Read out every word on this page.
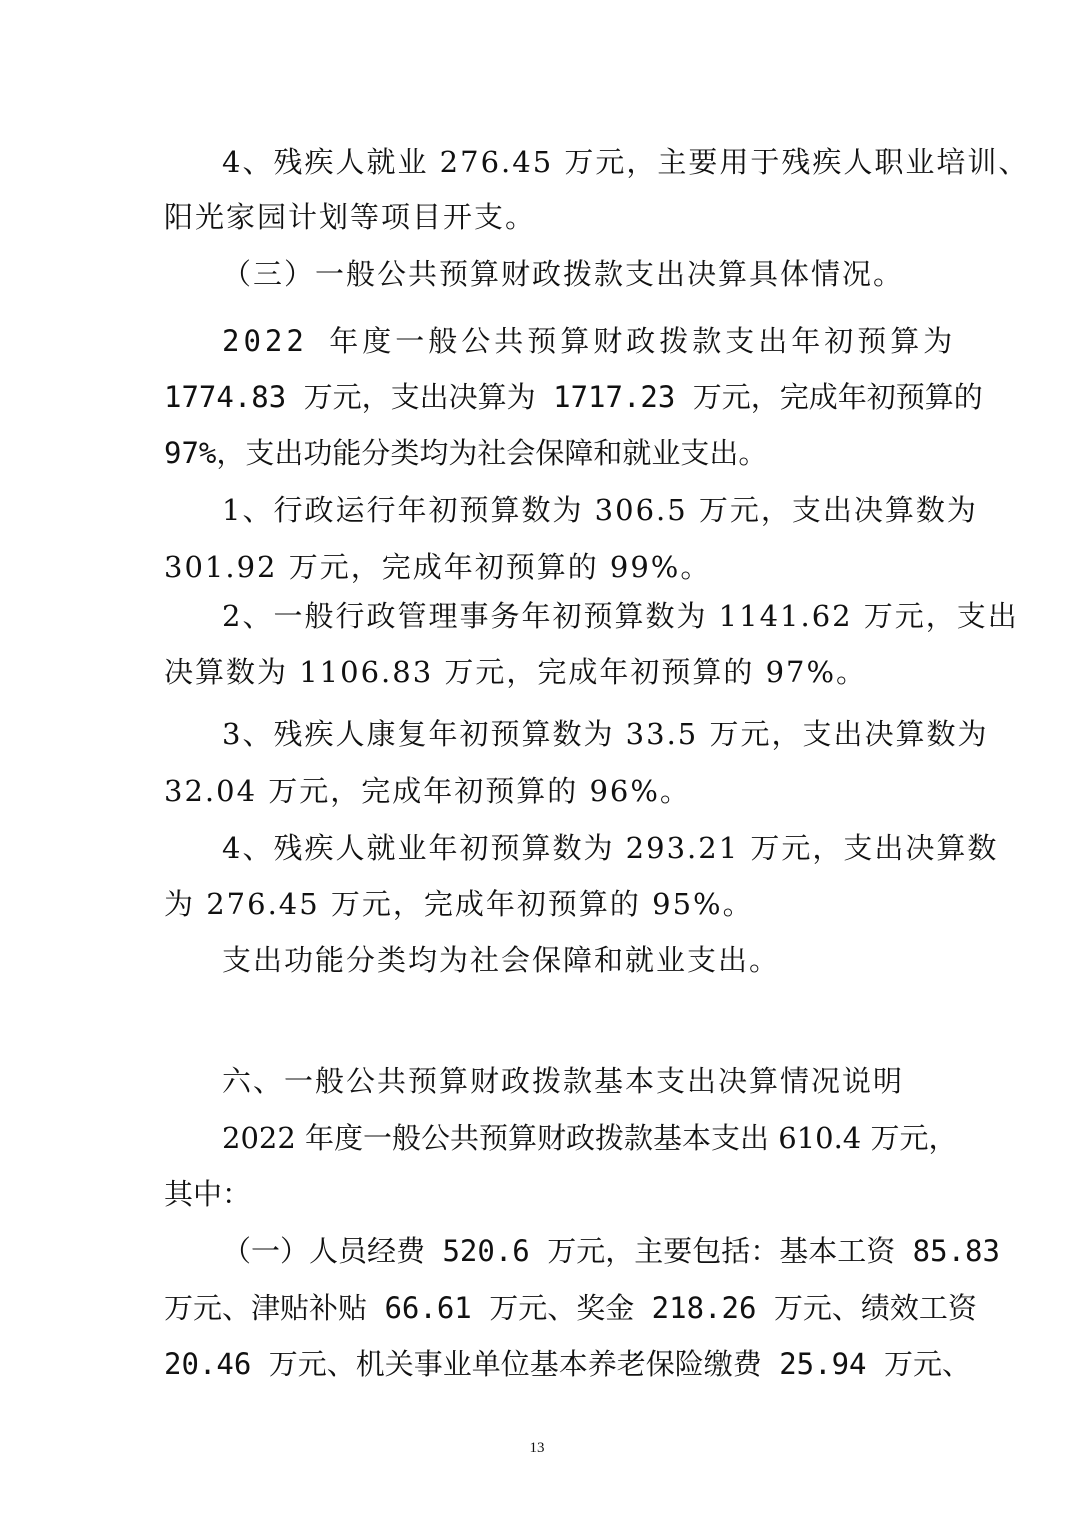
4、残疾人就业 276.45 万元，主要用于残疾人职业培训、

阳光家园计划等项目开支。

（三）一般公共预算财政拨款支出决算具体情况。

2022 年度一般公共预算财政拨款支出年初预算为

1774.83 万元，支出决算为 1717.23 万元，完成年初预算的

97%，支出功能分类均为社会保障和就业支出。

1、行政运行年初预算数为 306.5 万元，支出决算数为

301.92 万元，完成年初预算的 99%。

2、一般行政管理事务年初预算数为 1141.62 万元，支出

决算数为 1106.83 万元，完成年初预算的 97%。

3、残疾人康复年初预算数为 33.5 万元，支出决算数为

32.04 万元，完成年初预算的 96%。

4、残疾人就业年初预算数为 293.21 万元，支出决算数

为 276.45 万元，完成年初预算的 95%。

支出功能分类均为社会保障和就业支出。

六、一般公共预算财政拨款基本支出决算情况说明

2022 年度一般公共预算财政拨款基本支出 610.4 万元，

其中：

（一）人员经费 520.6 万元，主要包括：基本工资 85.83

万元、津贴补贴 66.61 万元、奖金 218.26 万元、绩效工资

20.46 万元、机关事业单位基本养老保险缴费 25.94 万元、

13
